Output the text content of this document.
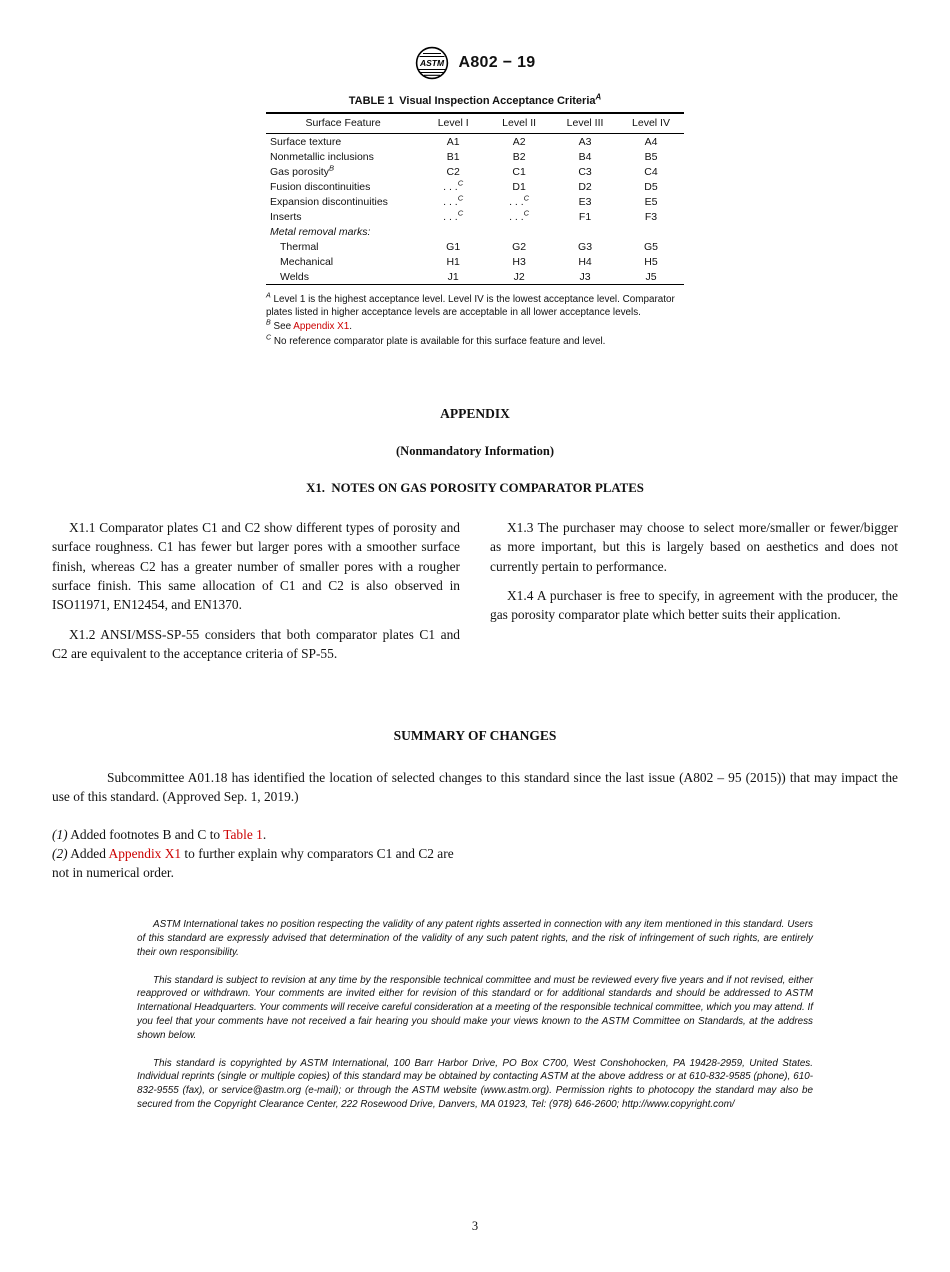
ASTM A802 − 19
TABLE 1 Visual Inspection Acceptance Criteria$^A$
Surface Feature	Level I	Level II	Level III	Level IV
Surface texture	A1	A2	A3	A4
Nonmetallic inclusions	B1	B2	B4	B5
Gas porosity$^B$	C2	C1	C3	C4
Fusion discontinuities	. . .$^C$	D1	D2	D5
Expansion discontinuities	. . .$^C$	. . .$^C$	E3	E5
Inserts	. . .$^C$	. . .$^C$	F1	F3
Metal removal marks:				
Thermal	G1	G2	G3	G5
Mechanical	H1	H3	H4	H5
Welds	J1	J2	J3	J5
$^A$ Level 1 is the highest acceptance level. Level IV is the lowest acceptance level. Comparator plates listed in higher acceptance levels are acceptable in all lower acceptance levels.
$^B$ See Appendix X1.
$^C$ No reference comparator plate is available for this surface feature and level.
APPENDIX
(Nonmandatory Information)
X1. NOTES ON GAS POROSITY COMPARATOR PLATES

X1.1 Comparator plates C1 and C2 show different types of porosity and surface roughness. C1 has fewer but larger pores with a smoother surface finish, whereas C2 has a greater number of smaller pores with a rougher surface finish. This same allocation of C1 and C2 is also observed in ISO11971, EN12454, and EN1370.

X1.2 ANSI/MSS-SP-55 considers that both comparator plates C1 and C2 are equivalent to the acceptance criteria of SP-55.

X1.3 The purchaser may choose to select more/smaller or fewer/bigger as more important, but this is largely based on aesthetics and does not currently pertain to performance.

X1.4 A purchaser is free to specify, in agreement with the producer, the gas porosity comparator plate which better suits their application.

SUMMARY OF CHANGES

Subcommittee A01.18 has identified the location of selected changes to this standard since the last issue (A802 – 95 (2015)) that may impact the use of this standard. (Approved Sep. 1, 2019.)

(1) Added footnotes B and C to Table 1.
(2) Added Appendix X1 to further explain why comparators C1 and C2 are not in numerical order.

ASTM International takes no position respecting the validity of any patent rights asserted in connection with any item mentioned in this standard. Users of this standard are expressly advised that determination of the validity of any such patent rights, and the risk of infringement of such rights, are entirely their own responsibility.

This standard is subject to revision at any time by the responsible technical committee and must be reviewed every five years and if not revised, either reapproved or withdrawn. Your comments are invited either for revision of this standard or for additional standards and should be addressed to ASTM International Headquarters. Your comments will receive careful consideration at a meeting of the responsible technical committee, which you may attend. If you feel that your comments have not received a fair hearing you should make your views known to the ASTM Committee on Standards, at the address shown below.

This standard is copyrighted by ASTM International, 100 Barr Harbor Drive, PO Box C700, West Conshohocken, PA 19428-2959, United States. Individual reprints (single or multiple copies) of this standard may be obtained by contacting ASTM at the above address or at 610-832-9585 (phone), 610-832-9555 (fax), or service@astm.org (e-mail); or through the ASTM website (www.astm.org). Permission rights to photocopy the standard may also be secured from the Copyright Clearance Center, 222 Rosewood Drive, Danvers, MA 01923, Tel: (978) 646-2600; http://www.copyright.com/

3
